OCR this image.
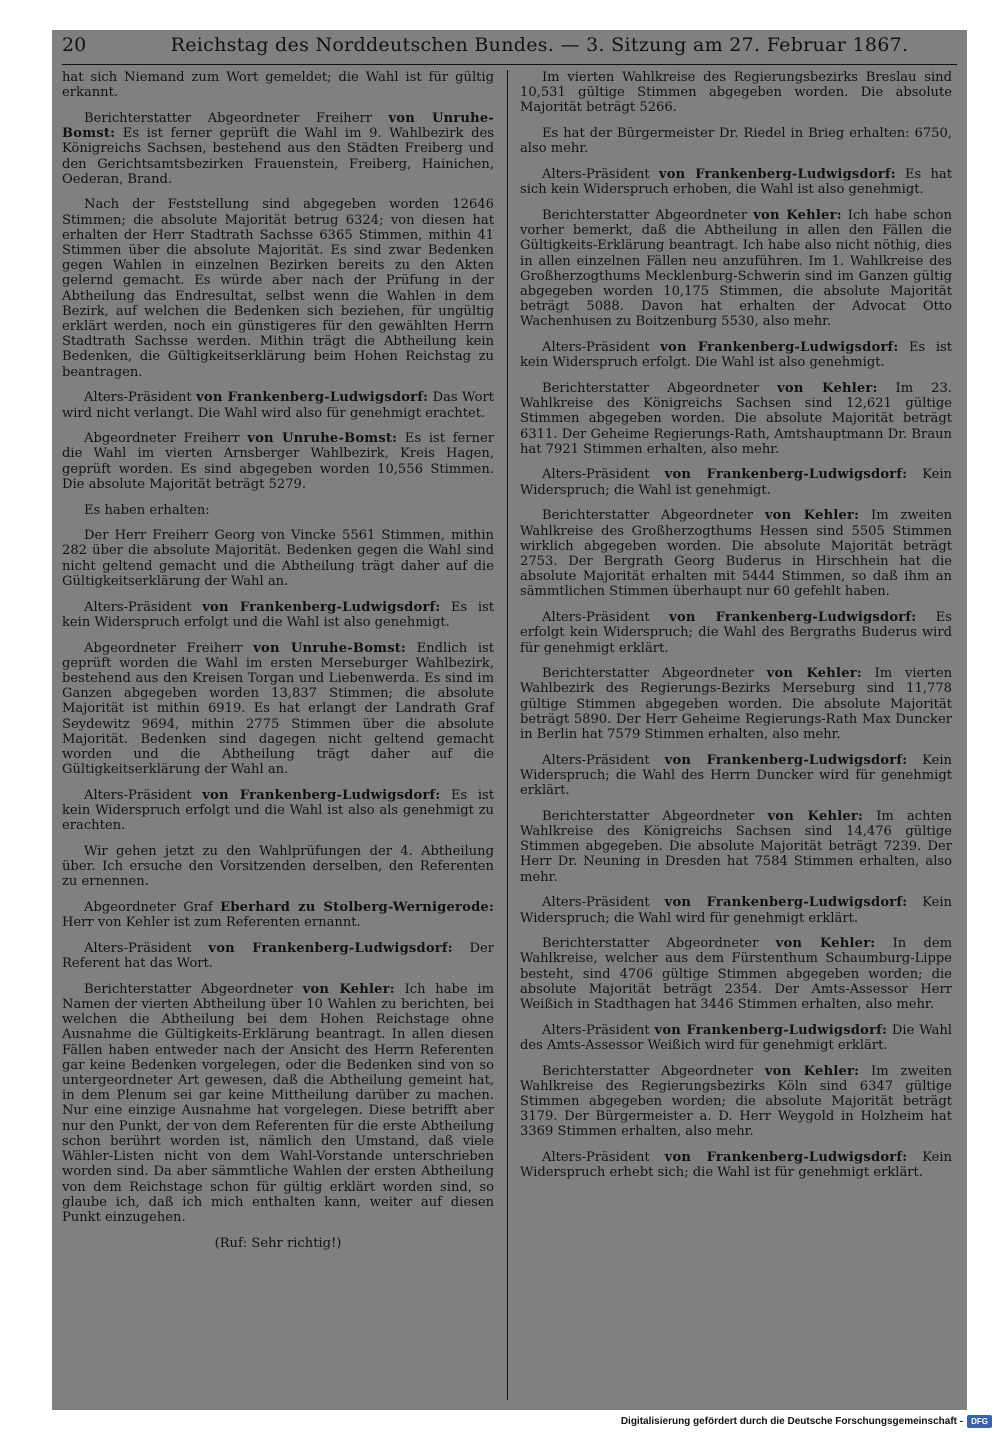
20	Reichstag des Norddeutschen Bundes. — 3. Sitzung am 27. Februar 1867.

hat sich Niemand zum Wort gemeldet; die Wahl ist für gültig erkannt.

Berichterstatter Abgeordneter Freiherr von Unruhe-Bomst: Es ist ferner geprüft die Wahl im 9. Wahlbezirk des Königreichs Sachsen, bestehend aus den Städten Freiberg und den Gerichtsamtsbezirken Frauenstein, Freiberg, Hainichen, Oederan, Brand.

Nach der Feststellung sind abgegeben worden 12646 Stimmen; die absolute Majorität betrug 6324; von diesen hat erhalten der Herr Stadtrath Sachsse 6365 Stimmen, mithin 41 Stimmen über die absolute Majorität. Es sind zwar Bedenken gegen Wahlen in einzelnen Bezirken bereits zu den Akten gelernd gemacht. Es würde aber nach der Prüfung in der Abtheilung das Endresultat, selbst wenn die Wahlen in dem Bezirk, auf welchen die Bedenken sich beziehen, für ungültig erklärt werden, noch ein günstigeres für den gewählten Herrn Stadtrath Sachsse werden. Mithin trägt die Abtheilung kein Bedenken, die Gültigkeitserklärung beim Hohen Reichstag zu beantragen.

Alters-Präsident von Frankenberg-Ludwigsdorf: Das Wort wird nicht verlangt. Die Wahl wird also für genehmigt erachtet.

Abgeordneter Freiherr von Unruhe-Bomst: Es ist ferner die Wahl im vierten Arnsberger Wahlbezirk, Kreis Hagen, geprüft worden. Es sind abgegeben worden 10,556 Stimmen. Die absolute Majorität beträgt 5279.

Es haben erhalten:

Der Herr Freiherr Georg von Vincke 5561 Stimmen, mithin 282 über die absolute Majorität. Bedenken gegen die Wahl sind nicht geltend gemacht und die Abtheilung trägt daher auf die Gültigkeitserklärung der Wahl an.

Alters-Präsident von Frankenberg-Ludwigsdorf: Es ist kein Widerspruch erfolgt und die Wahl ist also genehmigt.

Abgeordneter Freiherr von Unruhe-Bomst: Endlich ist geprüft worden die Wahl im ersten Merseburger Wahlbezirk, bestehend aus den Kreisen Torgan und Liebenwerda. Es sind im Ganzen abgegeben worden 13,837 Stimmen; die absolute Majorität ist mithin 6919. Es hat erlangt der Landrath Graf Seydewitz 9694, mithin 2775 Stimmen über die absolute Majorität. Bedenken sind dagegen nicht geltend gemacht worden und die Abtheilung trägt daher auf die Gültigkeitserklärung der Wahl an.

Alters-Präsident von Frankenberg-Ludwigsdorf: Es ist kein Widerspruch erfolgt und die Wahl ist also als genehmigt zu erachten.

Wir gehen jetzt zu den Wahlprüfungen der 4. Abtheilung über. Ich ersuche den Vorsitzenden derselben, den Referenten zu ernennen.

Abgeordneter Graf Eberhard zu Stolberg-Wernigerode: Herr von Kehler ist zum Referenten ernannt.

Alters-Präsident von Frankenberg-Ludwigsdorf: Der Referent hat das Wort.

Berichterstatter Abgeordneter von Kehler: Ich habe im Namen der vierten Abtheilung über 10 Wahlen zu berichten, bei welchen die Abtheilung bei dem Hohen Reichstage ohne Ausnahme die Gültigkeits-Erklärung beantragt. In allen diesen Fällen haben entweder nach der Ansicht des Herrn Referenten gar keine Bedenken vorgelegen, oder die Bedenken sind von so untergeordneter Art gewesen, daß die Abtheilung gemeint hat, in dem Plenum sei gar keine Mittheilung darüber zu machen. Nur eine einzige Ausnahme hat vorgelegen. Diese betrifft aber nur den Punkt, der von dem Referenten für die erste Abtheilung schon berührt worden ist, nämlich den Umstand, daß viele Wähler-Listen nicht von dem Wahl-Vorstande unterschrieben worden sind. Da aber sämmtliche Wahlen der ersten Abtheilung von dem Reichstage schon für gültig erklärt worden sind, so glaube ich, daß ich mich enthalten kann, weiter auf diesen Punkt einzugehen.

(Ruf: Sehr richtig!)

Im vierten Wahlkreise des Regierungsbezirks Breslau sind 10,531 gültige Stimmen abgegeben worden. Die absolute Majorität beträgt 5266.

Es hat der Bürgermeister Dr. Riedel in Brieg erhalten: 6750, also mehr.

Alters-Präsident von Frankenberg-Ludwigsdorf: Es hat sich kein Widerspruch erhoben, die Wahl ist also genehmigt.

Berichterstatter Abgeordneter von Kehler: Ich habe schon vorher bemerkt, daß die Abtheilung in allen den Fällen die Gültigkeits-Erklärung beantragt. Ich habe also nicht nöthig, dies in allen einzelnen Fällen neu anzuführen. Im 1. Wahlkreise des Großherzogthums Mecklenburg-Schwerin sind im Ganzen gültig abgegeben worden 10,175 Stimmen, die absolute Majorität beträgt 5088. Davon hat erhalten der Advocat Otto Wachenhusen zu Boitzenburg 5530, also mehr.

Alters-Präsident von Frankenberg-Ludwigsdorf: Es ist kein Widerspruch erfolgt. Die Wahl ist also genehmigt.

Berichterstatter Abgeordneter von Kehler: Im 23. Wahlkreise des Königreichs Sachsen sind 12,621 gültige Stimmen abgegeben worden. Die absolute Majorität beträgt 6311. Der Geheime Regierungs-Rath, Amtshauptmann Dr. Braun hat 7921 Stimmen erhalten, also mehr.

Alters-Präsident von Frankenberg-Ludwigsdorf: Kein Widerspruch; die Wahl ist genehmigt.

Berichterstatter Abgeordneter von Kehler: Im zweiten Wahlkreise des Großherzogthums Hessen sind 5505 Stimmen wirklich abgegeben worden. Die absolute Majorität beträgt 2753. Der Bergrath Georg Buderus in Hirschhein hat die absolute Majorität erhalten mit 5444 Stimmen, so daß ihm an sämmtlichen Stimmen überhaupt nur 60 gefehlt haben.

Alters-Präsident von Frankenberg-Ludwigsdorf: Es erfolgt kein Widerspruch; die Wahl des Bergraths Buderus wird für genehmigt erklärt.

Berichterstatter Abgeordneter von Kehler: Im vierten Wahlbezirk des Regierungs-Bezirks Merseburg sind 11,778 gültige Stimmen abgegeben worden. Die absolute Majorität beträgt 5890. Der Herr Geheime Regierungs-Rath Max Duncker in Berlin hat 7579 Stimmen erhalten, also mehr.

Alters-Präsident von Frankenberg-Ludwigsdorf: Kein Widerspruch; die Wahl des Herrn Duncker wird für genehmigt erklärt.

Berichterstatter Abgeordneter von Kehler: Im achten Wahlkreise des Königreichs Sachsen sind 14,476 gültige Stimmen abgegeben. Die absolute Majorität beträgt 7239. Der Herr Dr. Neuning in Dresden hat 7584 Stimmen erhalten, also mehr.

Alters-Präsident von Frankenberg-Ludwigsdorf: Kein Widerspruch; die Wahl wird für genehmigt erklärt.

Berichterstatter Abgeordneter von Kehler: In dem Wahlkreise, welcher aus dem Fürstenthum Schaumburg-Lippe besteht, sind 4706 gültige Stimmen abgegeben worden; die absolute Majorität beträgt 2354. Der Amts-Assessor Herr Weißich in Stadthagen hat 3446 Stimmen erhalten, also mehr.

Alters-Präsident von Frankenberg-Ludwigsdorf: Die Wahl des Amts-Assessor Weißich wird für genehmigt erklärt.

Berichterstatter Abgeordneter von Kehler: Im zweiten Wahlkreise des Regierungsbezirks Köln sind 6347 gültige Stimmen abgegeben worden; die absolute Majorität beträgt 3179. Der Bürgermeister a. D. Herr Weygold in Holzheim hat 3369 Stimmen erhalten, also mehr.

Alters-Präsident von Frankenberg-Ludwigsdorf: Kein Widerspruch erhebt sich; die Wahl ist für genehmigt erklärt.

Digitalisierung gefördert durch die Deutsche Forschungsgemeinschaft -	DFG
